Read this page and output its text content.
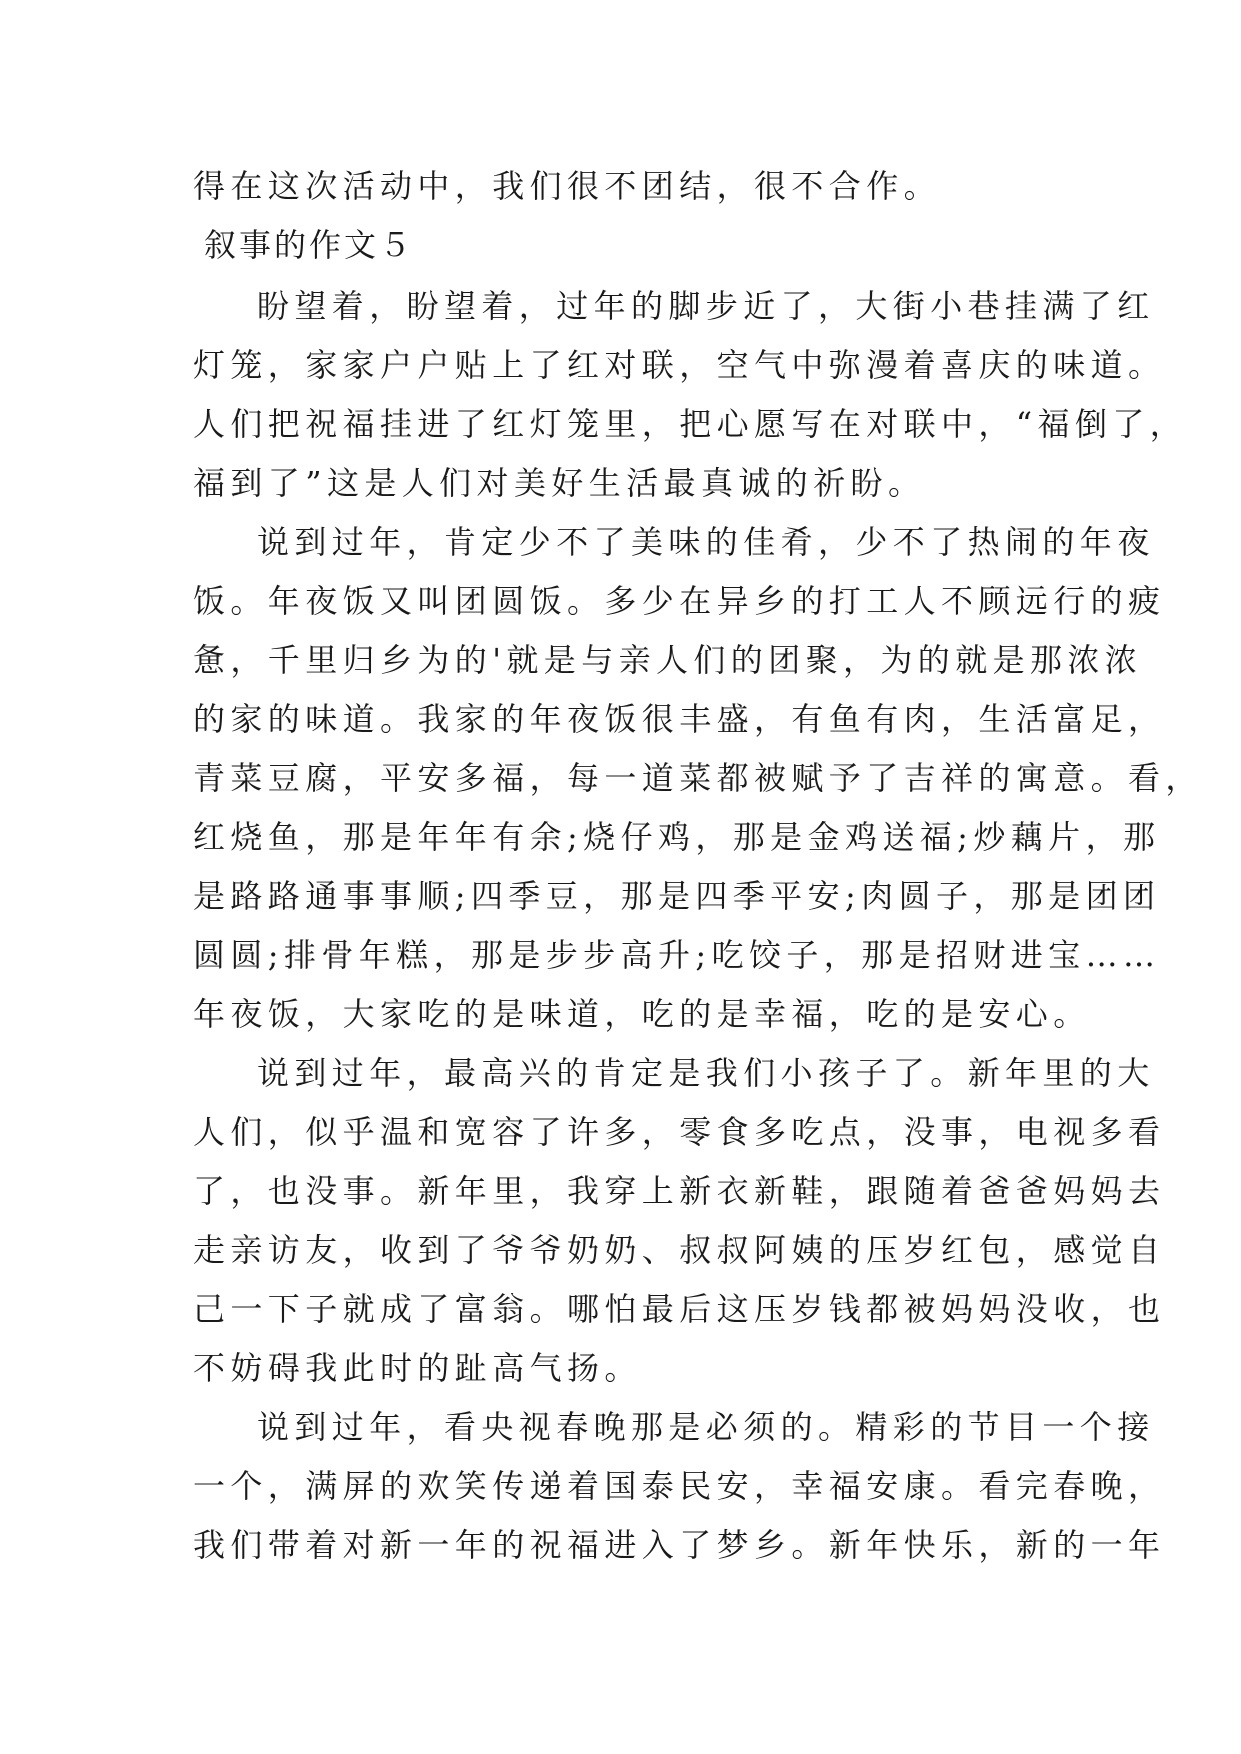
得在这次活动中，我们很不团结，很不合作。
叙事的作文５
盼望着，盼望着，过年的脚步近了，大街小巷挂满了红
灯笼，家家户户贴上了红对联，空气中弥漫着喜庆的味道。
人们把祝福挂进了红灯笼里，把心愿写在对联中，“福倒了，
福到了”这是人们对美好生活最真诚的祈盼。
说到过年，肯定少不了美味的佳肴，少不了热闹的年夜
饭。年夜饭又叫团圆饭。多少在异乡的打工人不顾远行的疲
惫，千里归乡为的'就是与亲人们的团聚，为的就是那浓浓
的家的味道。我家的年夜饭很丰盛，有鱼有肉，生活富足，
青菜豆腐，平安多福，每一道菜都被赋予了吉祥的寓意。看，
红烧鱼，那是年年有余;烧仔鸡，那是金鸡送福;炒藕片，那
是路路通事事顺;四季豆，那是四季平安;肉圆子，那是团团
圆圆;排骨年糕，那是步步高升;吃饺子，那是招财进宝……
年夜饭，大家吃的是味道，吃的是幸福，吃的是安心。
说到过年，最高兴的肯定是我们小孩子了。新年里的大
人们，似乎温和宽容了许多，零食多吃点，没事，电视多看
了，也没事。新年里，我穿上新衣新鞋，跟随着爸爸妈妈去
走亲访友，收到了爷爷奶奶、叔叔阿姨的压岁红包，感觉自
己一下子就成了富翁。哪怕最后这压岁钱都被妈妈没收，也
不妨碍我此时的趾高气扬。
说到过年，看央视春晚那是必须的。精彩的节目一个接
一个，满屏的欢笑传递着国泰民安，幸福安康。看完春晚，
我们带着对新一年的祝福进入了梦乡。新年快乐，新的一年
